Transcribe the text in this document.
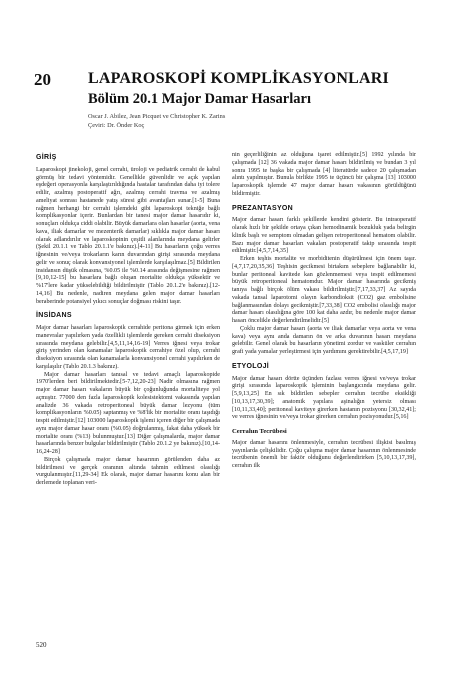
20 LAPAROSKOPİ KOMPLİKASYONLARI
Bölüm 20.1 Major Damar Hasarları
Oscar J. Abilez, Jean Picquet ve Christopher K. Zarins
Çeviri: Dr. Önder Koç
GİRİŞ

Laparoskopi jinekoloji, genel cerrahi, üroloji ve pediatrik cerrahi de kabul görmüş bir tedavi yöntemidir. Genellikle güvenlidir ve açık yapılan eşdeğeri operasyonla karşılaştırıldığında hastalar tarafından daha iyi tolere edilir, azalmış postoperatif ağrı, azalmış cerrahi travma ve azalmış ameliyat sonrası hastanede yatış süresi gibi avantajları sunar.[1-5] Buna rağmen herhangi bir cerrahi işlemdeki gibi laparoskopi tekniğe bağlı komplikasyonlar içerir. Bunlardan bir tanesi major damar hasarıdır ki, sonuçları oldukça ciddi olabilir. Büyük damarlara olan hasarlar (aorta, vena kava, iliak damarlar ve mezenterik damarlar) sıklıkla major damar hasarı olarak adlandırılır ve laparoskopinin çeşitli alanlarında meydana gelirler (Şekil 20.1.1 ve Tablo 20.1.1'e bakınız).[4-11] Bu hasarların çoğu verres iğnesinin ve/veya trokarların karın duvarından girişi sırasında meydana gelir ve sonuç olarak konvansiyonel işlemlerde karşılaşılmaz.[5] Bildirilen insidansın düşük olmasına, %0.05 ile %0.14 arasında değişmesine rağmen [9,10,12-15] bu hasarlara bağlı oluşan mortalite oldukça yüksektir ve %17'lere kadar yükselebildiği bildirilmiştir (Tablo 20.1.2'e bakınız).[12-14,16] Bu nedenle, nadiren meydana gelen major damar hasarları beraberinde potansiyel yıkıcı sonuçlar doğması riskini taşır.

İNSİDANS

Major damar hasarları laparoskopik cerrahide peritona girmek için erken manevralar yapılırken yada özellikli işlemlerde gereken cerrahi diseksiyon sırasında meydana gelebilir.[4,5,11,14,16-19] Verres iğnesi veya trokar giriş yerinden olan kanamalar laparoskopik cerrahiye özel olup, cerrahi diseksiyon sırasında olan kanamalarla konvansiyonel cerrahi yapılırken de karşılaşılır (Tablo 20.1.3 bakınız).

Major damar hasarları tanısal ve tedavi amaçlı laparoskopide 1970'lerden beri bildirilmektedir.[5-7,12,20-23] Nadir olmasına rağmen major damar hasarı vakaların büyük bir çoğunluğunda mortaliteye yol açmıştır. 77000 den fazla laparoskopik kolesistektomi vakasında yapılan analizde 36 vakada retroperitoneal büyük damar lezyonu (tüm komplikasyonların %0.05) saptanmış ve %8'lik bir mortalite oranı taşıdığı tespit edilmiştir.[12] 103000 laparoskopik işlemi içeren diğer bir çalışmada aynı major damar hasar oranı (%0.05) doğrulanmış, fakat daha yüksek bir mortalite oranı (%13) bulunmuştur.[13] Diğer çalışmalarda, major damar hasarlarında benzer bulgular bildirilmiştir (Tablo 20.1.2 ye bakınız).[10,14-16,24-28]

Birçok çalışmada major damar hasarının görülenden daha az bildirilmesi ve gerçek oranının altında tahmin edilmesi olasılığı vurgulanmıştır.[11,29-34] Ek olarak, major damar hasarını konu alan bir derlemede toplanan veri-

nin geçerliliğinin az olduğuna işaret edilmiştir.[5] 1992 yılında bir çalışmada [12] 36 vakada major damar hasarı bildirilmiş ve bundan 3 yıl sonra 1995 te başka bir çalışmada [4] literatürde sadece 20 çalışmadan alıntı yapılmıştır. Bunula birlikte 1995 te üçüncü bir çalışma [13] 103000 laparoskopik işlemde 47 major damar hasarı vakasının görüldüğünü bildirmiştir.

PREZANTASYON

Major damar hasarı farklı şekillerde kendini gösterir. Bu intraoperatif olarak hızlı bir şekilde ortaya çıkan hemodinamik bozukluk yada belirgin klinik başlı ve semptom olmadan gelişen retroperitoneal hematom olabilir. Bazı major damar hasarları vakaları postoperatif takip sırasında tespit edilmiştir.[4,5,7,14,35]

Erken teşhis mortalite ve morbiditenin düşürülmesi için önem taşır.[4,7,17,20,35,36] Teşhisin gecikmesi birtakım sebeplere bağlanabilir ki, bunlar peritoneal kavitede kan gözlenmemesi veya tespit edilmemesi büyük retroperitoneal hematomdur. Major damar hasarında gecikmiş tanıya bağlı birçok ölüm vakası bildirilmiştir.[7,17,33,37] Az sayıda vakada tansal laparotomi olayın karbondioksit (CO2) gaz embolisine bağlanmasından dolayı gecikmiştir.[7,33,38] CO2 embolisi olasılığı major damar hasarı olasılığına göre 100 kat daha azdır, bu nedenle major damar hasarı öncelikle değerlendirilmelidir.[5]

Çoklu major damar hasarı (aorta ve iliak damarlar veya aorta ve vena kava) veya aynı anda damarın ön ve arka duvarının hasarı meydana gelebilir. Genel olarak bu hasarların yönetimi zordur ve vasküler cerrahın grafi yada yamalar yerleştirmesi için yardımını gerektirebilir.[4,5,17,19]

ETYOLOJİ

Major damar hasarı dörtte üçünden fazlası verres iğnesi ve/veya trokar girişi sırasında laparoskopik işleminin başlangıcında meydana gelir.[5,9,13,25] En sık bildirilen sebepler cerrahın tecrübe eksikliği [10,13,17,30,39]; anatomik yapılara aşinalığın yetersiz olması [10,11,33,40]; peritoneal kaviteye girerken hastanın pozisyonu [30,32,41]; ve verres iğnesinin ve/veya trokar girerken cerrahın pozisyonudur.[5,16]

Cerrahın Tecrübesi

Major damar hasarını önlenmesiyle, cerrahın tecrübesi ilişkisi basılmış yayınlarda çelişkilidir. Çoğu çalışma major damar hasarının önlenmesinde tecrübenin önemli bir faktör olduğunu değerlendirirken [5,10,13,17,39], cerrahın ilk

520
